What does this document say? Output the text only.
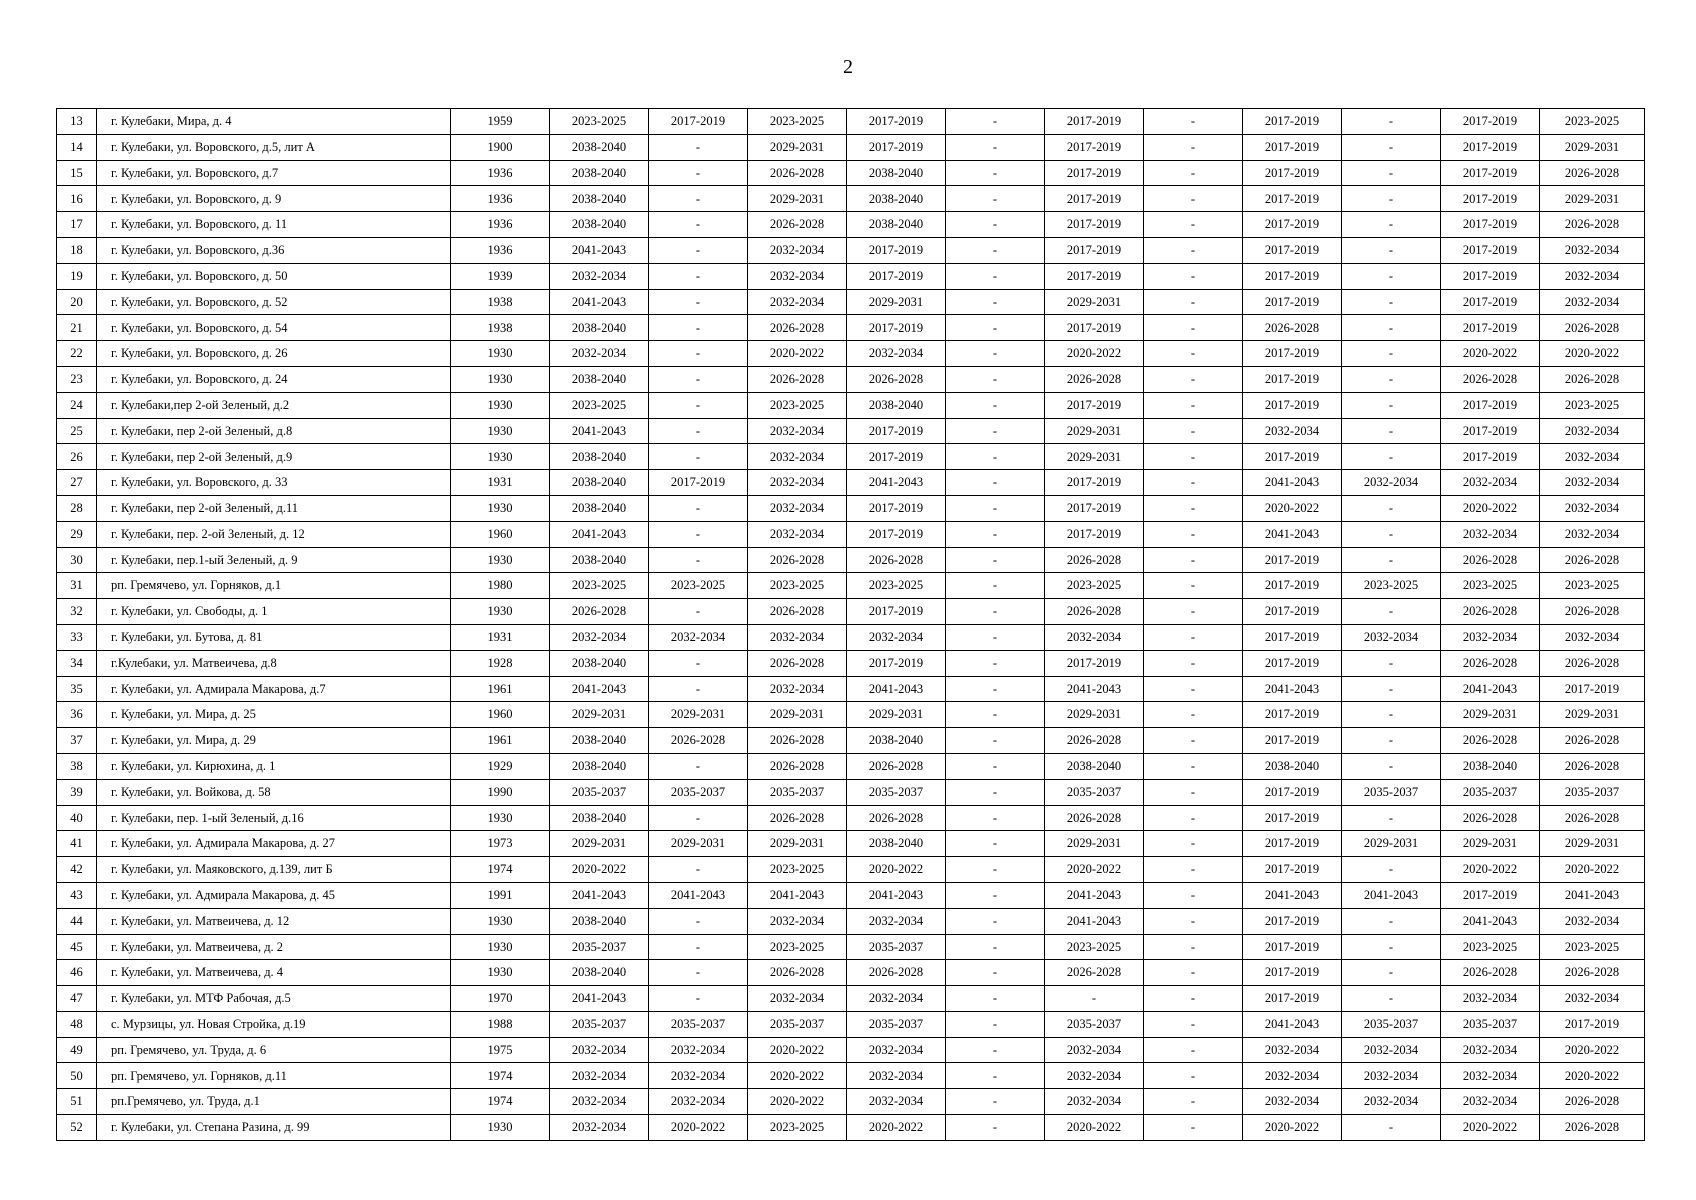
2
13	г. Кулебаки, Мира, д. 4	1959	2023-2025	2017-2019	2023-2025	2017-2019	-	2017-2019	-	2017-2019	-	2017-2019	2023-2025
14	г. Кулебаки, ул. Воровского, д.5, лит А	1900	2038-2040	-	2029-2031	2017-2019	-	2017-2019	-	2017-2019	-	2017-2019	2029-2031
15	г. Кулебаки, ул. Воровского, д.7	1936	2038-2040	-	2026-2028	2038-2040	-	2017-2019	-	2017-2019	-	2017-2019	2026-2028
16	г. Кулебаки, ул. Воровского, д. 9	1936	2038-2040	-	2029-2031	2038-2040	-	2017-2019	-	2017-2019	-	2017-2019	2029-2031
17	г. Кулебаки, ул. Воровского, д. 11	1936	2038-2040	-	2026-2028	2038-2040	-	2017-2019	-	2017-2019	-	2017-2019	2026-2028
18	г. Кулебаки, ул. Воровского, д.36	1936	2041-2043	-	2032-2034	2017-2019	-	2017-2019	-	2017-2019	-	2017-2019	2032-2034
19	г. Кулебаки, ул. Воровского, д. 50	1939	2032-2034	-	2032-2034	2017-2019	-	2017-2019	-	2017-2019	-	2017-2019	2032-2034
20	г. Кулебаки, ул. Воровского, д. 52	1938	2041-2043	-	2032-2034	2029-2031	-	2029-2031	-	2017-2019	-	2017-2019	2032-2034
21	г. Кулебаки, ул. Воровского, д. 54	1938	2038-2040	-	2026-2028	2017-2019	-	2017-2019	-	2026-2028	-	2017-2019	2026-2028
22	г. Кулебаки, ул. Воровского, д. 26	1930	2032-2034	-	2020-2022	2032-2034	-	2020-2022	-	2017-2019	-	2020-2022	2020-2022
23	г. Кулебаки, ул. Воровского, д. 24	1930	2038-2040	-	2026-2028	2026-2028	-	2026-2028	-	2017-2019	-	2026-2028	2026-2028
24	г. Кулебаки,пер 2-ой Зеленый, д.2	1930	2023-2025	-	2023-2025	2038-2040	-	2017-2019	-	2017-2019	-	2017-2019	2023-2025
25	г. Кулебаки, пер 2-ой Зеленый, д.8	1930	2041-2043	-	2032-2034	2017-2019	-	2029-2031	-	2032-2034	-	2017-2019	2032-2034
26	г. Кулебаки, пер 2-ой Зеленый, д.9	1930	2038-2040	-	2032-2034	2017-2019	-	2029-2031	-	2017-2019	-	2017-2019	2032-2034
27	г. Кулебаки, ул. Воровского, д. 33	1931	2038-2040	2017-2019	2032-2034	2041-2043	-	2017-2019	-	2041-2043	2032-2034	2032-2034	2032-2034
28	г. Кулебаки, пер 2-ой Зеленый, д.11	1930	2038-2040	-	2032-2034	2017-2019	-	2017-2019	-	2020-2022	-	2020-2022	2032-2034
29	г. Кулебаки, пер. 2-ой Зеленый, д. 12	1960	2041-2043	-	2032-2034	2017-2019	-	2017-2019	-	2041-2043	-	2032-2034	2032-2034
30	г. Кулебаки, пер.1-ый Зеленый, д. 9	1930	2038-2040	-	2026-2028	2026-2028	-	2026-2028	-	2017-2019	-	2026-2028	2026-2028
31	рп. Гремячево, ул. Горняков, д.1	1980	2023-2025	2023-2025	2023-2025	2023-2025	-	2023-2025	-	2017-2019	2023-2025	2023-2025	2023-2025
32	г. Кулебаки, ул. Свободы, д. 1	1930	2026-2028	-	2026-2028	2017-2019	-	2026-2028	-	2017-2019	-	2026-2028	2026-2028
33	г. Кулебаки, ул. Бутова, д. 81	1931	2032-2034	2032-2034	2032-2034	2032-2034	-	2032-2034	-	2017-2019	2032-2034	2032-2034	2032-2034
34	г.Кулебаки, ул. Матвеичева, д.8	1928	2038-2040	-	2026-2028	2017-2019	-	2017-2019	-	2017-2019	-	2026-2028	2026-2028
35	г. Кулебаки, ул. Адмирала Макарова, д.7	1961	2041-2043	-	2032-2034	2041-2043	-	2041-2043	-	2041-2043	-	2041-2043	2017-2019
36	г. Кулебаки, ул. Мира, д. 25	1960	2029-2031	2029-2031	2029-2031	2029-2031	-	2029-2031	-	2017-2019	-	2029-2031	2029-2031
37	г. Кулебаки, ул. Мира, д. 29	1961	2038-2040	2026-2028	2026-2028	2038-2040	-	2026-2028	-	2017-2019	-	2026-2028	2026-2028
38	г. Кулебаки, ул. Кирюхина, д. 1	1929	2038-2040	-	2026-2028	2026-2028	-	2038-2040	-	2038-2040	-	2038-2040	2026-2028
39	г. Кулебаки, ул. Войкова, д. 58	1990	2035-2037	2035-2037	2035-2037	2035-2037	-	2035-2037	-	2017-2019	2035-2037	2035-2037	2035-2037
40	г. Кулебаки, пер. 1-ый Зеленый, д.16	1930	2038-2040	-	2026-2028	2026-2028	-	2026-2028	-	2017-2019	-	2026-2028	2026-2028
41	г. Кулебаки, ул. Адмирала Макарова, д. 27	1973	2029-2031	2029-2031	2029-2031	2038-2040	-	2029-2031	-	2017-2019	2029-2031	2029-2031	2029-2031
42	г. Кулебаки, ул. Маяковского, д.139, лит Б	1974	2020-2022	-	2023-2025	2020-2022	-	2020-2022	-	2017-2019	-	2020-2022	2020-2022
43	г. Кулебаки, ул. Адмирала Макарова, д. 45	1991	2041-2043	2041-2043	2041-2043	2041-2043	-	2041-2043	-	2041-2043	2041-2043	2017-2019	2041-2043
44	г. Кулебаки, ул. Матвеичева, д. 12	1930	2038-2040	-	2032-2034	2032-2034	-	2041-2043	-	2017-2019	-	2041-2043	2032-2034
45	г. Кулебаки, ул. Матвеичева, д. 2	1930	2035-2037	-	2023-2025	2035-2037	-	2023-2025	-	2017-2019	-	2023-2025	2023-2025
46	г. Кулебаки, ул. Матвеичева, д. 4	1930	2038-2040	-	2026-2028	2026-2028	-	2026-2028	-	2017-2019	-	2026-2028	2026-2028
47	г. Кулебаки, ул. МТФ Рабочая, д.5	1970	2041-2043	-	2032-2034	2032-2034	-	-	-	2017-2019	-	2032-2034	2032-2034
48	с. Мурзицы, ул. Новая Стройка, д.19	1988	2035-2037	2035-2037	2035-2037	2035-2037	-	2035-2037	-	2041-2043	2035-2037	2035-2037	2017-2019
49	рп. Гремячево, ул. Труда, д. 6	1975	2032-2034	2032-2034	2020-2022	2032-2034	-	2032-2034	-	2032-2034	2032-2034	2032-2034	2020-2022
50	рп. Гремячево, ул. Горняков, д.11	1974	2032-2034	2032-2034	2020-2022	2032-2034	-	2032-2034	-	2032-2034	2032-2034	2032-2034	2020-2022
51	рп.Гремячево, ул. Труда, д.1	1974	2032-2034	2032-2034	2020-2022	2032-2034	-	2032-2034	-	2032-2034	2032-2034	2032-2034	2026-2028
52	г. Кулебаки, ул. Степана Разина, д. 99	1930	2032-2034	2020-2022	2023-2025	2020-2022	-	2020-2022	-	2020-2022	-	2020-2022	2026-2028
